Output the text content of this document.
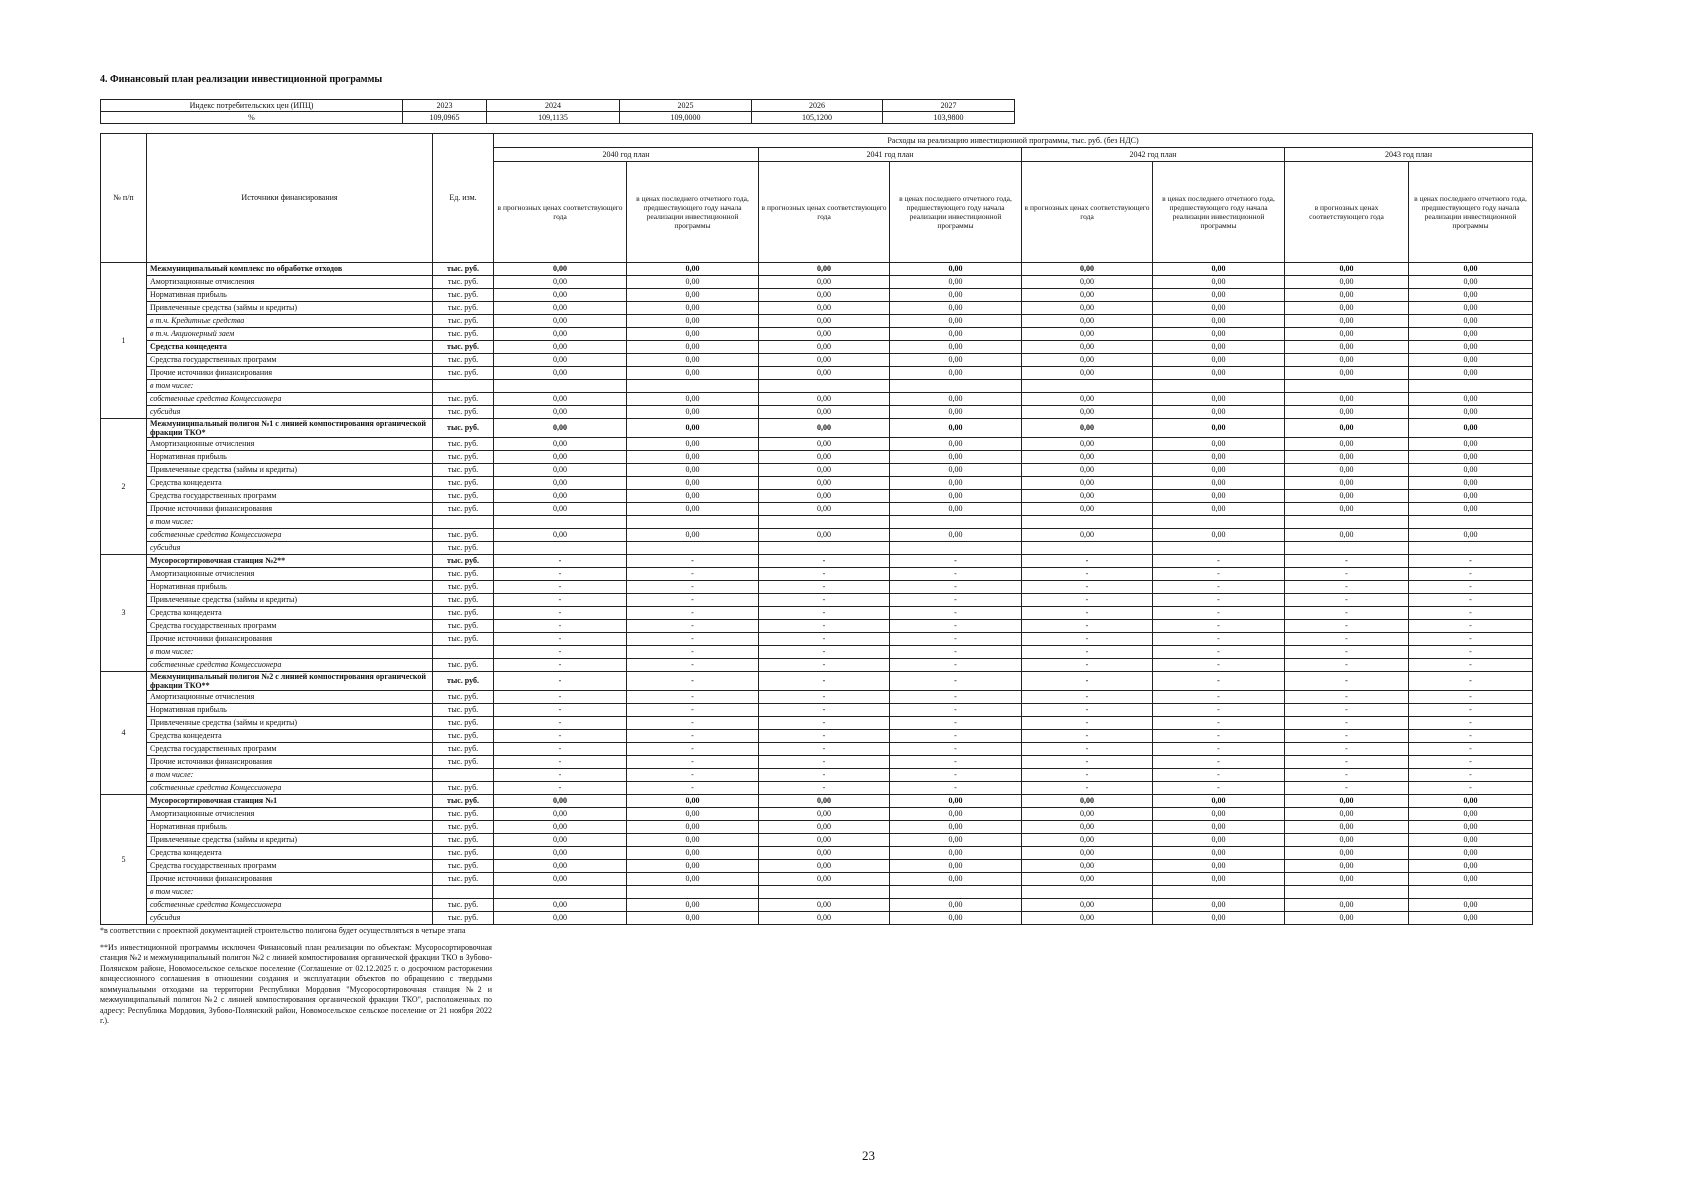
4. Финансовый план реализации инвестиционной программы
Индекс потребительских цен (ИПЦ)	2023	2024	2025	2026	2027
%	109,0965	109,1135	109,0000	105,1200	103,9800
№ п/п	Источники финансирования	Ед. изм.	Расходы на реализацию инвестиционной программы, тыс. руб. (без НДС)							
			2040 год план		2041 год план		2042 год план		2043 год план	
			в прогнозных ценах соответствующего года	в ценах последнего отчетного года, предшествующего году начала реализации инвестиционной программы	в прогнозных ценах соответствующего года	в ценах последнего отчетного года, предшествующего году начала реализации инвестиционной программы	в прогнозных ценах соответствующего года	в ценах последнего отчетного года, предшествующего году начала реализации инвестиционной программы	в прогнозных ценах соответствующего года	в ценах последнего отчетного года, предшествующего году начала реализации инвестиционной программы
1	Межмуниципальный комплекс по обработке отходов	тыс. руб.	0,00	0,00	0,00	0,00	0,00	0,00	0,00	0,00
	Амортизационные отчисления	тыс. руб.	0,00	0,00	0,00	0,00	0,00	0,00	0,00	0,00
	Нормативная прибыль	тыс. руб.	0,00	0,00	0,00	0,00	0,00	0,00	0,00	0,00
	Привлеченные средства (займы и кредиты)	тыс. руб.	0,00	0,00	0,00	0,00	0,00	0,00	0,00	0,00
	в т.ч. Кредитные средства	тыс. руб.	0,00	0,00	0,00	0,00	0,00	0,00	0,00	0,00
	в т.ч. Акционерный заем	тыс. руб.	0,00	0,00	0,00	0,00	0,00	0,00	0,00	0,00
	Средства концедента	тыс. руб.	0,00	0,00	0,00	0,00	0,00	0,00	0,00	0,00
	Средства государственных программ	тыс. руб.	0,00	0,00	0,00	0,00	0,00	0,00	0,00	0,00
	Прочие источники финансирования	тыс. руб.	0,00	0,00	0,00	0,00	0,00	0,00	0,00	0,00
	в том числе:									
	собственные средства Концессионера	тыс. руб.	0,00	0,00	0,00	0,00	0,00	0,00	0,00	0,00
	субсидия	тыс. руб.	0,00	0,00	0,00	0,00	0,00	0,00	0,00	0,00
2	Межмуниципальный полигон №1 с линией компостирования органической фракции ТКО*	тыс. руб.	0,00	0,00	0,00	0,00	0,00	0,00	0,00	0,00
	Амортизационные отчисления	тыс. руб.	0,00	0,00	0,00	0,00	0,00	0,00	0,00	0,00
	Нормативная прибыль	тыс. руб.	0,00	0,00	0,00	0,00	0,00	0,00	0,00	0,00
	Привлеченные средства (займы и кредиты)	тыс. руб.	0,00	0,00	0,00	0,00	0,00	0,00	0,00	0,00
	Средства концедента	тыс. руб.	0,00	0,00	0,00	0,00	0,00	0,00	0,00	0,00
	Средства государственных программ	тыс. руб.	0,00	0,00	0,00	0,00	0,00	0,00	0,00	0,00
	Прочие источники финансирования	тыс. руб.	0,00	0,00	0,00	0,00	0,00	0,00	0,00	0,00
	в том числе:									
	собственные средства Концессионера	тыс. руб.	0,00	0,00	0,00	0,00	0,00	0,00	0,00	0,00
	субсидия	тыс. руб.								
3	Мусоросортировочная станция №2**	тыс. руб.	-	-	-	-	-	-	-	-
	Амортизационные отчисления	тыс. руб.	-	-	-	-	-	-	-	-
	Нормативная прибыль	тыс. руб.	-	-	-	-	-	-	-	-
	Привлеченные средства (займы и кредиты)	тыс. руб.	-	-	-	-	-	-	-	-
	Средства концедента	тыс. руб.	-	-	-	-	-	-	-	-
	Средства государственных программ	тыс. руб.	-	-	-	-	-	-	-	-
	Прочие источники финансирования	тыс. руб.	-	-	-	-	-	-	-	-
	в том числе:		-	-	-	-	-	-	-	-
	собственные средства Концессионера	тыс. руб.	-	-	-	-	-	-	-	-
4	Межмуниципальный полигон №2 с линией компостирования органической фракции ТКО**	тыс. руб.	-	-	-	-	-	-	-	-
	Амортизационные отчисления	тыс. руб.	-	-	-	-	-	-	-	-
	Нормативная прибыль	тыс. руб.	-	-	-	-	-	-	-	-
	Привлеченные средства (займы и кредиты)	тыс. руб.	-	-	-	-	-	-	-	-
	Средства концедента	тыс. руб.	-	-	-	-	-	-	-	-
	Средства государственных программ	тыс. руб.	-	-	-	-	-	-	-	-
	Прочие источники финансирования	тыс. руб.	-	-	-	-	-	-	-	-
	в том числе:		-	-	-	-	-	-	-	-
	собственные средства Концессионера	тыс. руб.	-	-	-	-	-	-	-	-
5	Мусоросортировочная станция №1	тыс. руб.	0,00	0,00	0,00	0,00	0,00	0,00	0,00	0,00
	Амортизационные отчисления	тыс. руб.	0,00	0,00	0,00	0,00	0,00	0,00	0,00	0,00
	Нормативная прибыль	тыс. руб.	0,00	0,00	0,00	0,00	0,00	0,00	0,00	0,00
	Привлеченные средства (займы и кредиты)	тыс. руб.	0,00	0,00	0,00	0,00	0,00	0,00	0,00	0,00
	Средства концедента	тыс. руб.	0,00	0,00	0,00	0,00	0,00	0,00	0,00	0,00
	Средства государственных программ	тыс. руб.	0,00	0,00	0,00	0,00	0,00	0,00	0,00	0,00
	Прочие источники финансирования	тыс. руб.	0,00	0,00	0,00	0,00	0,00	0,00	0,00	0,00
	в том числе:									
	собственные средства Концессионера	тыс. руб.	0,00	0,00	0,00	0,00	0,00	0,00	0,00	0,00
	субсидия	тыс. руб.	0,00	0,00	0,00	0,00	0,00	0,00	0,00	0,00

*в соответствии с проектной документацией строительство полигона будет осуществляться в четыре этапа

**Из инвестиционной программы исключен Финансовый план реализации по объектам: Мусоросортировочная станция №2 и межмуниципальный полигон №2 с линией компостирования органической фракции ТКО в Зубово-Полянском районе, Новомосельское сельское поселение (Соглашение от 02.12.2025 г. о досрочном расторжении концессионного соглашения в отношении создания и эксплуатации объектов по обращению с твердыми коммунальными отходами на территории Республики Мордовия "Мусоросортировочная станция №2 и межмуниципальный полигон №2 с линией компостирования органической фракции ТКО", расположенных по адресу: Республика Мордовия, Зубово-Полянский район, Новомосельское сельское поселение от 21 ноября 2022 г.).

23
